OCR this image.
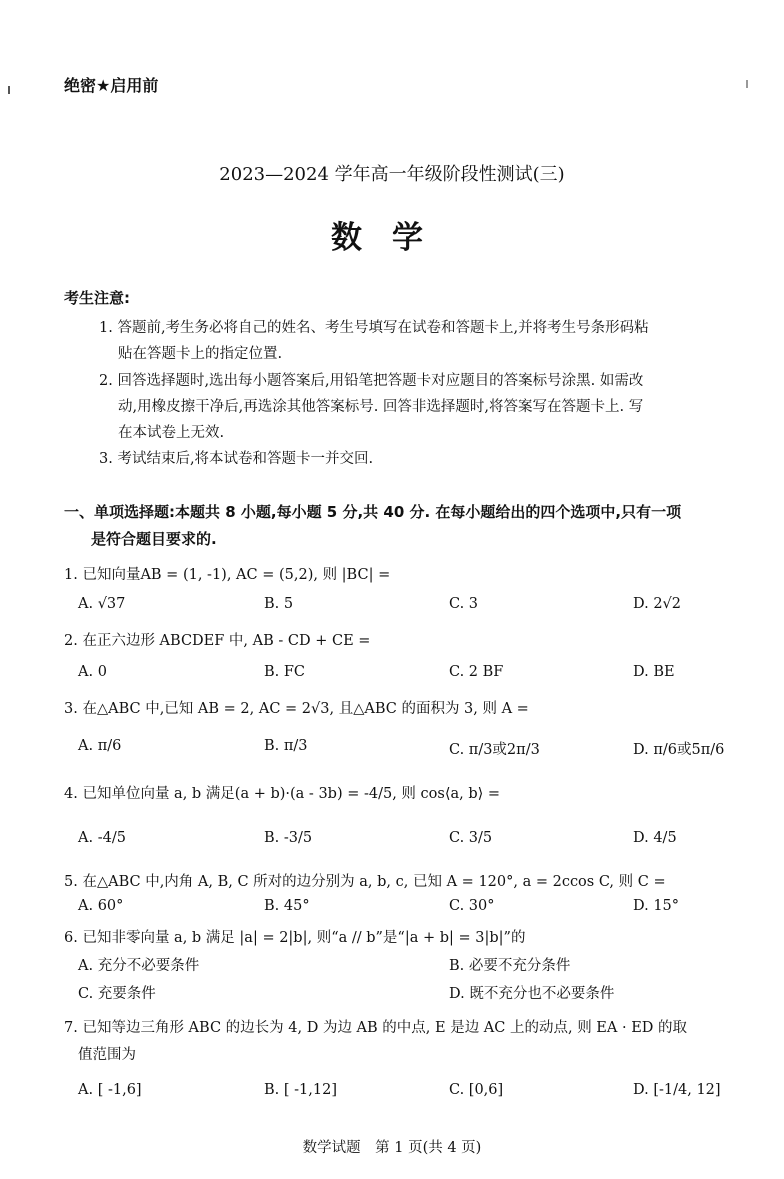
绝密★启用前
2023—2024 学年高一年级阶段性测试(三)
数学
考生注意:
1. 答题前,考生务必将自己的姓名、考生号填写在试卷和答题卡上,并将考生号条形码粘
贴在答题卡上的指定位置.
2. 回答选择题时,选出每小题答案后,用铅笔把答题卡对应题目的答案标号涂黑. 如需改
动,用橡皮擦干净后,再选涂其他答案标号. 回答非选择题时,将答案写在答题卡上. 写
在本试卷上无效.
3. 考试结束后,将本试卷和答题卡一并交回.
一、单项选择题:本题共 8 小题,每小题 5 分,共 40 分. 在每小题给出的四个选项中,只有一项
是符合题目要求的.
1. 已知向量AB = (1, -1), AC = (5,2), 则 |BC| =
A. √37	B. 5	C. 3	D. 2√2
2. 在正六边形 ABCDEF 中, AB - CD + CE =
A. 0	B. FC	C. 2 BF	D. BE
3. 在△ABC 中,已知 AB = 2, AC = 2√3, 且△ABC 的面积为 3, 则 A =
A. π/6	B. π/3	C. π/3或2π/3	D. π/6或5π/6
4. 已知单位向量 a, b 满足(a + b)·(a - 3b) = -4/5, 则 cos⟨a, b⟩ =
A. -4/5	B. -3/5	C. 3/5	D. 4/5
5. 在△ABC 中,内角 A, B, C 所对的边分别为 a, b, c, 已知 A = 120°, a = 2ccos C, 则 C =
A. 60°	B. 45°	C. 30°	D. 15°
6. 已知非零向量 a, b 满足 |a| = 2|b|, 则“a // b”是“|a + b| = 3|b|”的
A. 充分不必要条件	B. 必要不充分条件
C. 充要条件	D. 既不充分也不必要条件
7. 已知等边三角形 ABC 的边长为 4, D 为边 AB 的中点, E 是边 AC 上的动点, 则 EA · ED 的取
值范围为
A. [ -1,6]	B. [ -1,12]	C. [0,6]	D. [-1/4, 12]
数学试题　第 1 页(共 4 页)
